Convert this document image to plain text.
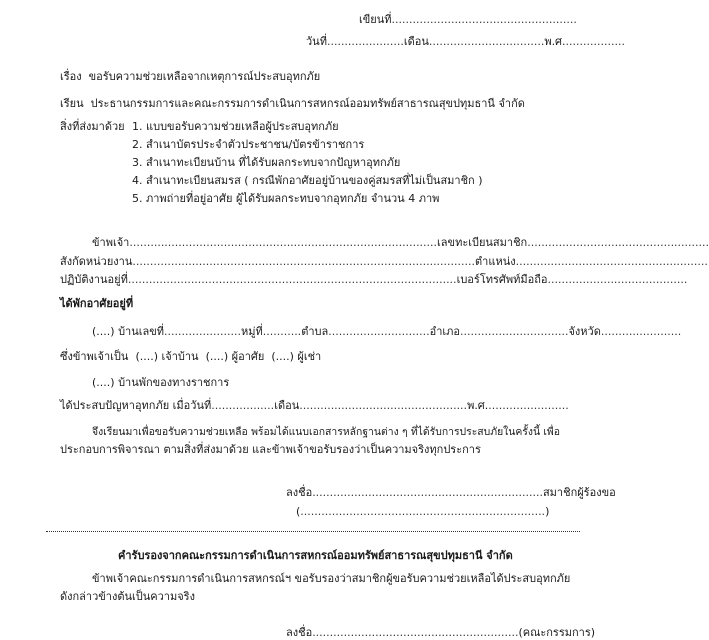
เขียนที่.....................................................
วันที่......................เดือน.................................พ.ศ..................
เรื่อง ขอรับความช่วยเหลือจากเหตุการณ์ประสบอุทกภัย
เรียน ประธานกรรมการและคณะกรรมการดำเนินการสหกรณ์ออมทรัพย์สาธารณสุขปทุมธานี จำกัด
สิ่งที่ส่งมาด้วย 1. แบบขอรับความช่วยเหลือผู้ประสบอุทกภัย
2. สำเนาบัตรประจำตัวประชาชน/บัตรข้าราชการ
3. สำเนาทะเบียนบ้าน ที่ได้รับผลกระทบจากปัญหาอุทกภัย
4. สำเนาทะเบียนสมรส ( กรณีพักอาศัยอยู่บ้านของคู่สมรสที่ไม่เป็นสมาชิก )
5. ภาพถ่ายที่อยู่อาศัย ผู้ได้รับผลกระทบจากอุทกภัย จำนวน 4 ภาพ
ข้าพเจ้า........................................................................................เลขทะเบียนสมาชิก....................................................
สังกัดหน่วยงาน..................................................................................................ตำแหน่ง.......................................................
ปฏิบัติงานอยู่ที่..............................................................................................เบอร์โทรศัพท์มือถือ........................................
ได้พักอาศัยอยู่ที่
(....) บ้านเลขที่......................หมู่ที่...........ตำบล.............................อำเภอ...............................จังหวัด.......................
ซึ่งข้าพเจ้าเป็น (....) เจ้าบ้าน (....) ผู้อาศัย (....) ผู้เช่า
(....) บ้านพักของทางราชการ
ได้ประสบปัญหาอุทกภัย เมื่อวันที่..................เดือน................................................พ.ศ........................
จึงเรียนมาเพื่อขอรับความช่วยเหลือ พร้อมได้แนบเอกสารหลักฐานต่าง ๆ ที่ได้รับการประสบภัยในครั้งนี้ เพื่อ
ประกอบการพิจารณา ตามสิ่งที่ส่งมาด้วย และข้าพเจ้าขอรับรองว่าเป็นความจริงทุกประการ
ลงชื่อ..................................................................สมาชิกผู้ร้องขอ
(......................................................................)
คำรับรองจากคณะกรรมการดำเนินการสหกรณ์ออมทรัพย์สาธารณสุขปทุมธานี จำกัด
ข้าพเจ้าคณะกรรมการดำเนินการสหกรณ์ฯ ขอรับรองว่าสมาชิกผู้ขอรับความช่วยเหลือได้ประสบอุทกภัย
ดังกล่าวข้างต้นเป็นความจริง
ลงชื่อ...........................................................(คณะกรรมการ)
